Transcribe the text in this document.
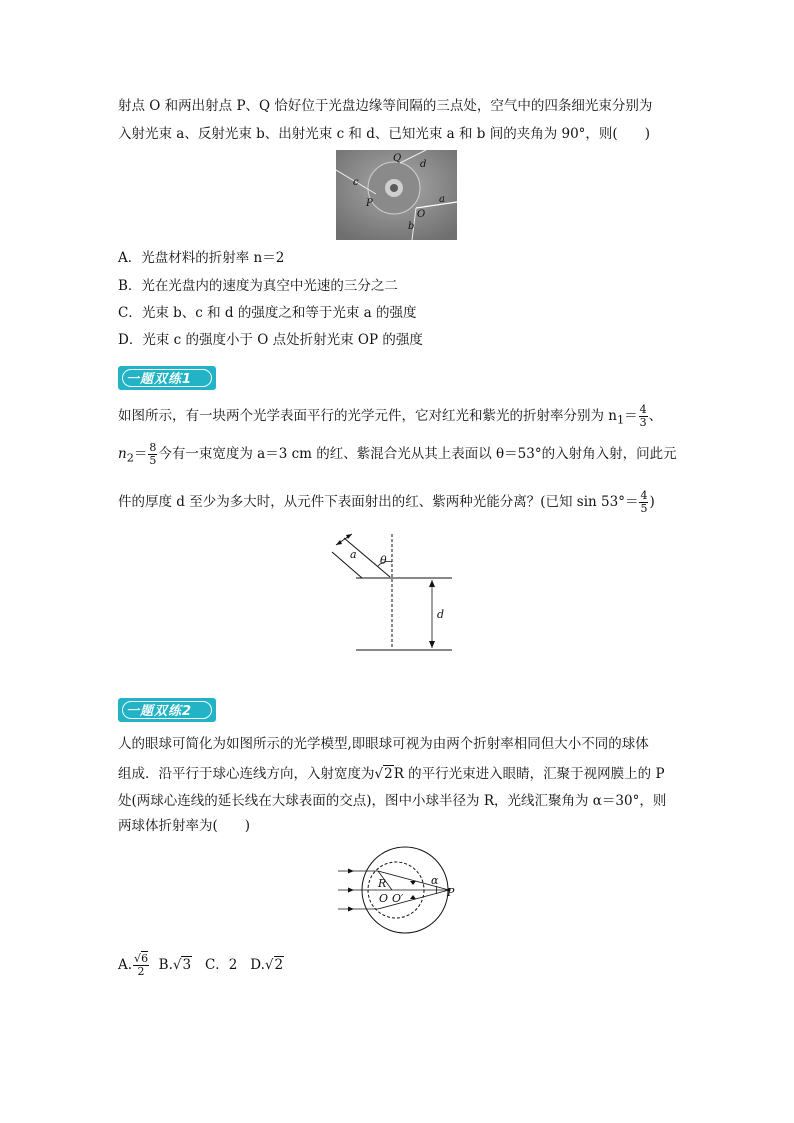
射点 O 和两出射点 P、Q 恰好位于光盘边缘等间隔的三点处，空气中的四条细光束分别为
入射光束 a、反射光束 b、出射光束 c 和 d、已知光束 a 和 b 间的夹角为 90°，则(　　)
Q
d
c
P
O
a
b
A．光盘材料的折射率 n＝2
B．光在光盘内的速度为真空中光速的三分之二
C．光束 b、c 和 d 的强度之和等于光束 a 的强度
D．光束 c 的强度小于 O 点处折射光束 OP 的强度
一题双练1
如图所示，有一块两个光学表面平行的光学元件，它对红光和紫光的折射率分别为 $n_1= \frac{4}{3}$ 、
$n_2= \frac{8}{5}$ 今有一束宽度为 a＝3 cm 的红、紫混合光从其上表面以 θ＝53°的入射角入射，问此元
件的厚度 d 至少为多大时，从元件下表面射出的红、紫两种光能分离？(已知 $\sin 53^\circ= \frac{4}{5}$ )
a θ
d
一题双练2
人的眼球可简化为如图所示的光学模型,即眼球可视为由两个折射率相同但大小不同的球体
组成．沿平行于球心连线方向，入射宽度为√2R 的平行光束进入眼睛，汇聚于视网膜上的 P
处(两球心连线的延长线在大球表面的交点)，图中小球半径为 R，光线汇聚角为 α＝30°，则
两球体折射率为(　　)
R
O O′
α
P
A. $\frac{√6}{2} B.√3$ C．2 D.√2
